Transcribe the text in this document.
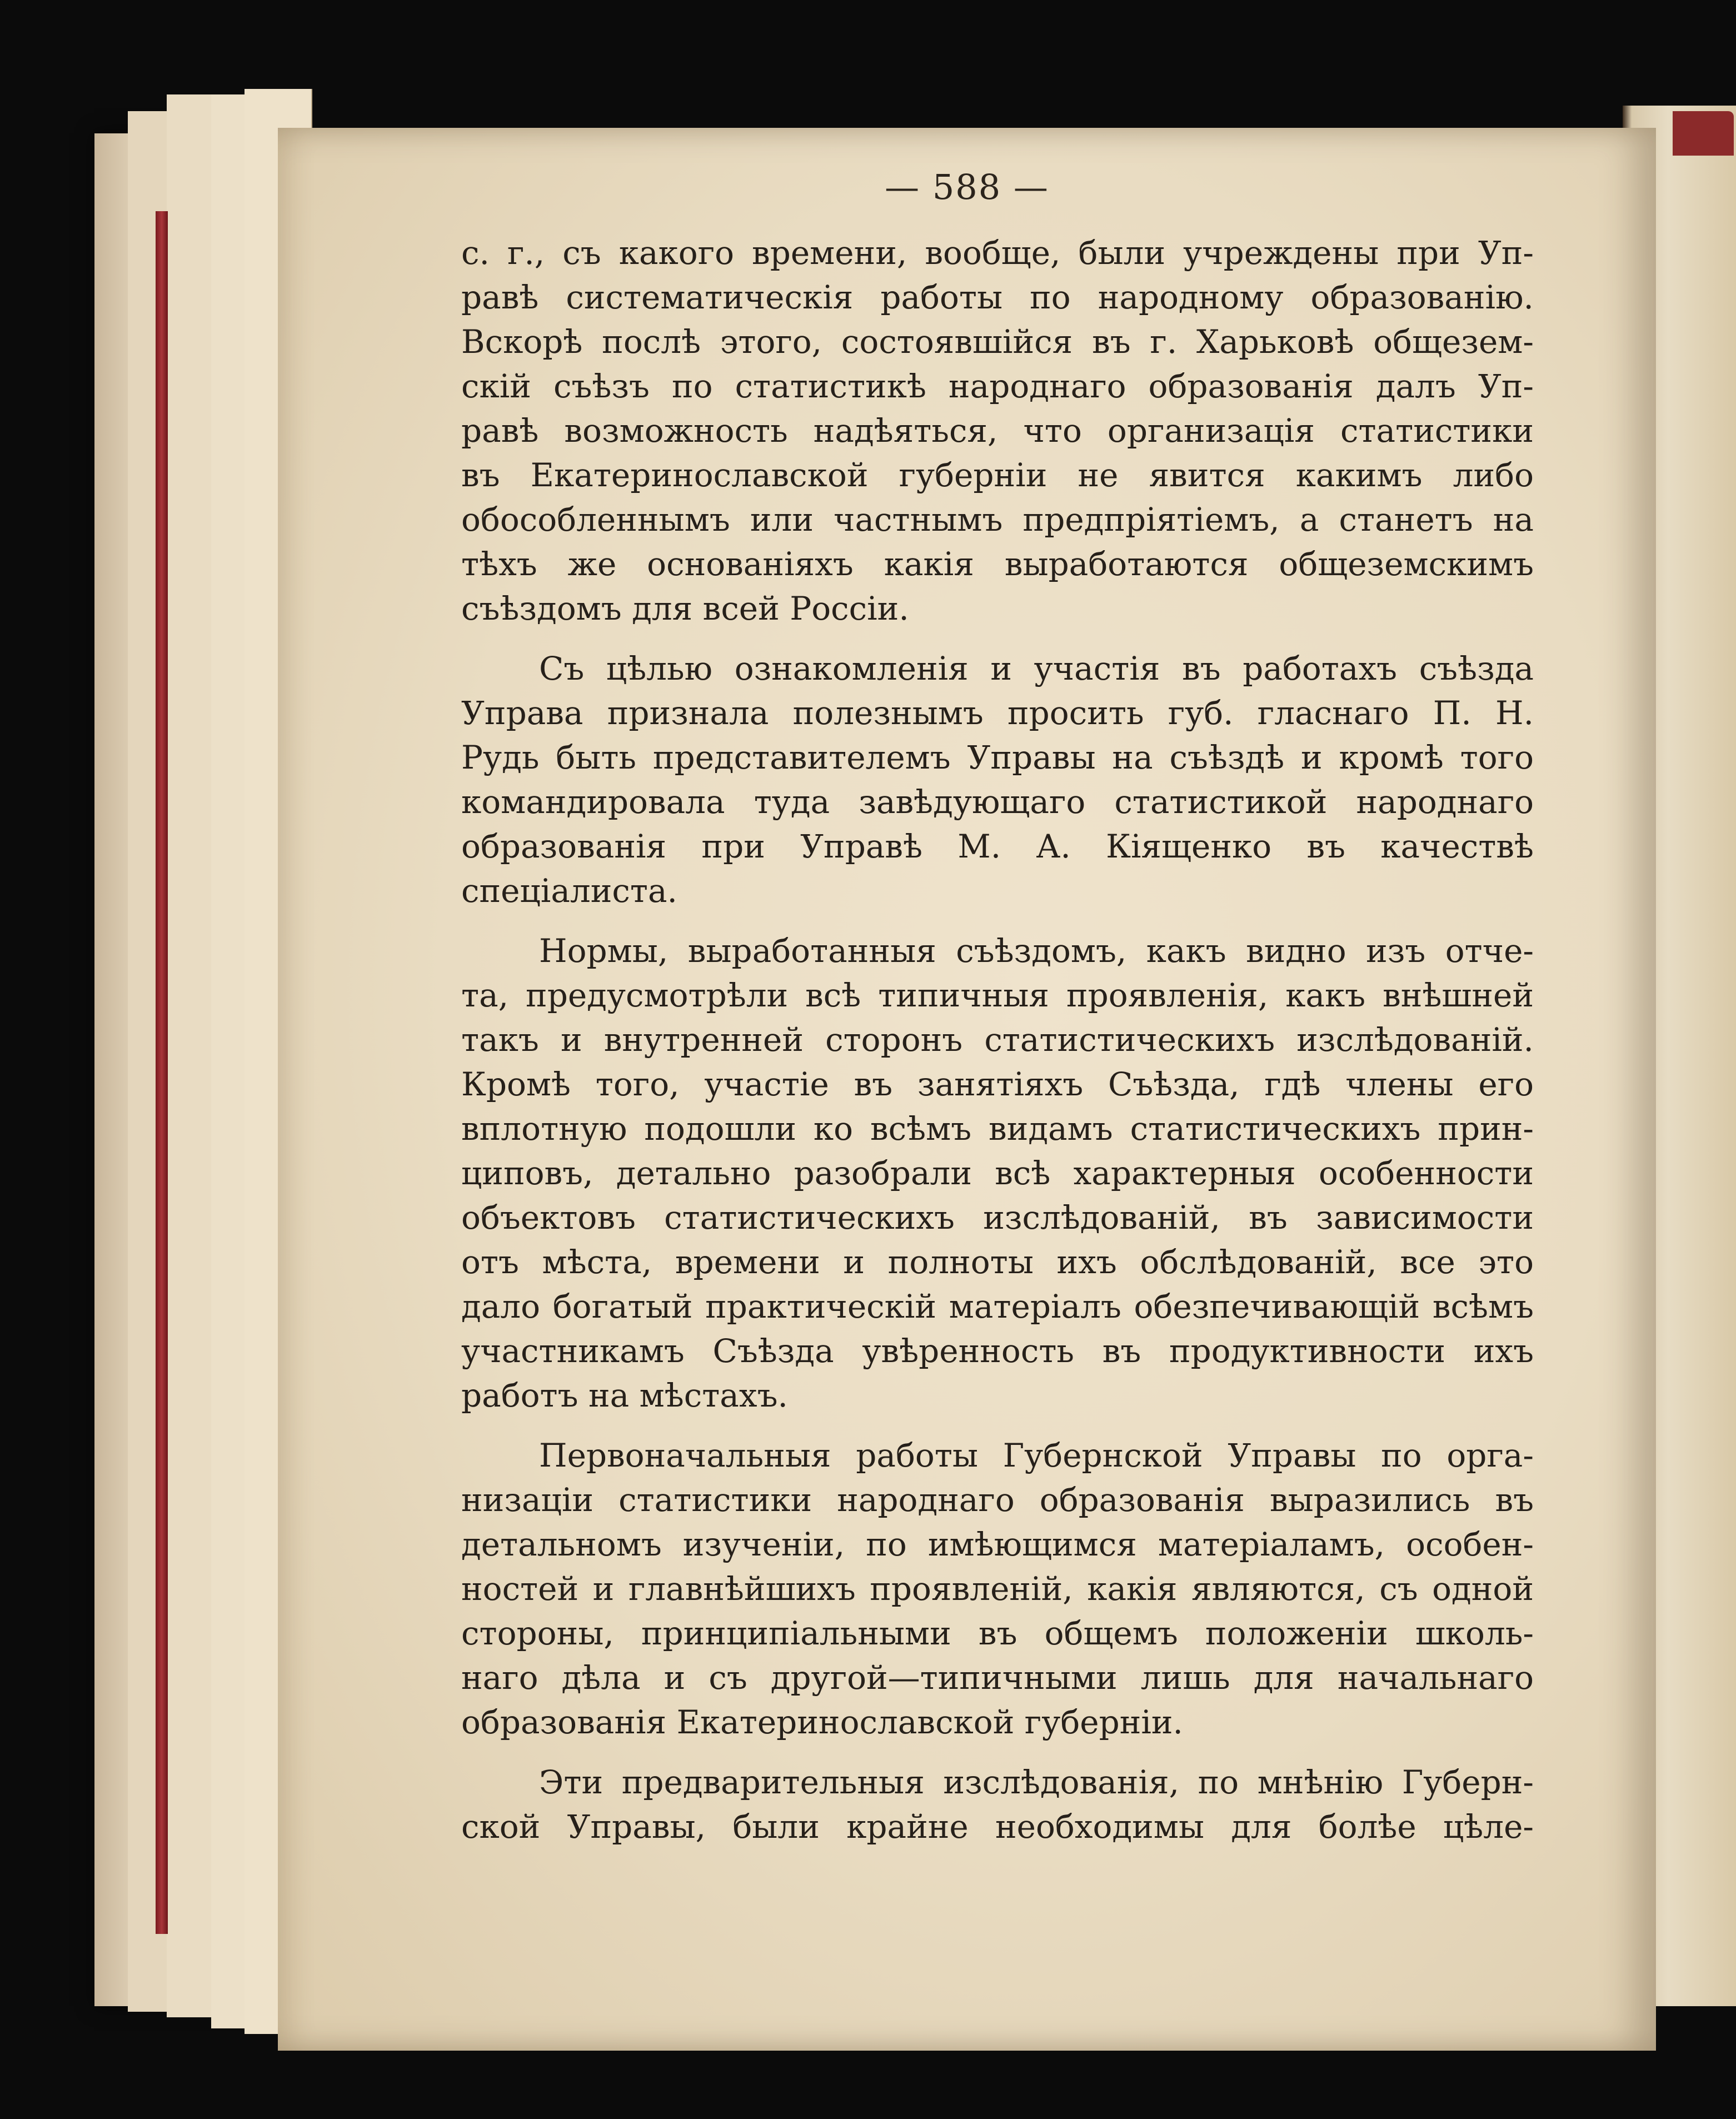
— 588 —
с. г., съ какого времени, вообще, были учреждены при Уп-
равѣ систематическія работы по народному образованію.
Вскорѣ послѣ этого, состоявшійся въ г. Харьковѣ общезем-
скій съѣзъ по статистикѣ народнаго образованія далъ Уп-
равѣ возможность надѣяться, что организація статистики
въ Екатеринославской губерніи не явится какимъ либо
обособленнымъ или частнымъ предпріятіемъ, а станетъ на
тѣхъ же основаніяхъ какія выработаются общеземскимъ
съѣздомъ для всей Россіи.
Съ цѣлью ознакомленія и участія въ работахъ съѣзда
Управа признала полезнымъ просить губ. гласнаго П. Н.
Рудь быть представителемъ Управы на съѣздѣ и кромѣ того
командировала туда завѣдующаго статистикой народнаго
образованія при Управѣ М. А. Кіященко въ качествѣ
спеціалиста.
Нормы, выработанныя съѣздомъ, какъ видно изъ отче-
та, предусмотрѣли всѣ типичныя проявленія, какъ внѣшней
такъ и внутренней сторонъ статистическихъ изслѣдованій.
Кромѣ того, участіе въ занятіяхъ Съѣзда, гдѣ члены его
вплотную подошли ко всѣмъ видамъ статистическихъ прин-
циповъ, детально разобрали всѣ характерныя особенности
объектовъ статистическихъ изслѣдованій, въ зависимости
отъ мѣста, времени и полноты ихъ обслѣдованій, все это
дало богатый практическій матеріалъ обезпечивающій всѣмъ
участникамъ Съѣзда увѣренность въ продуктивности ихъ
работъ на мѣстахъ.
Первоначальныя работы Губернской Управы по орга-
низаціи статистики народнаго образованія выразились въ
детальномъ изученіи, по имѣющимся матеріаламъ, особен-
ностей и главнѣйшихъ проявленій, какія являются, съ одной
стороны, принципіальными въ общемъ положеніи школь-
наго дѣла и съ другой—типичными лишь для начальнаго
образованія Екатеринославской губерніи.
Эти предварительныя изслѣдованія, по мнѣнію Губерн-
ской Управы, были крайне необходимы для болѣе цѣле-
